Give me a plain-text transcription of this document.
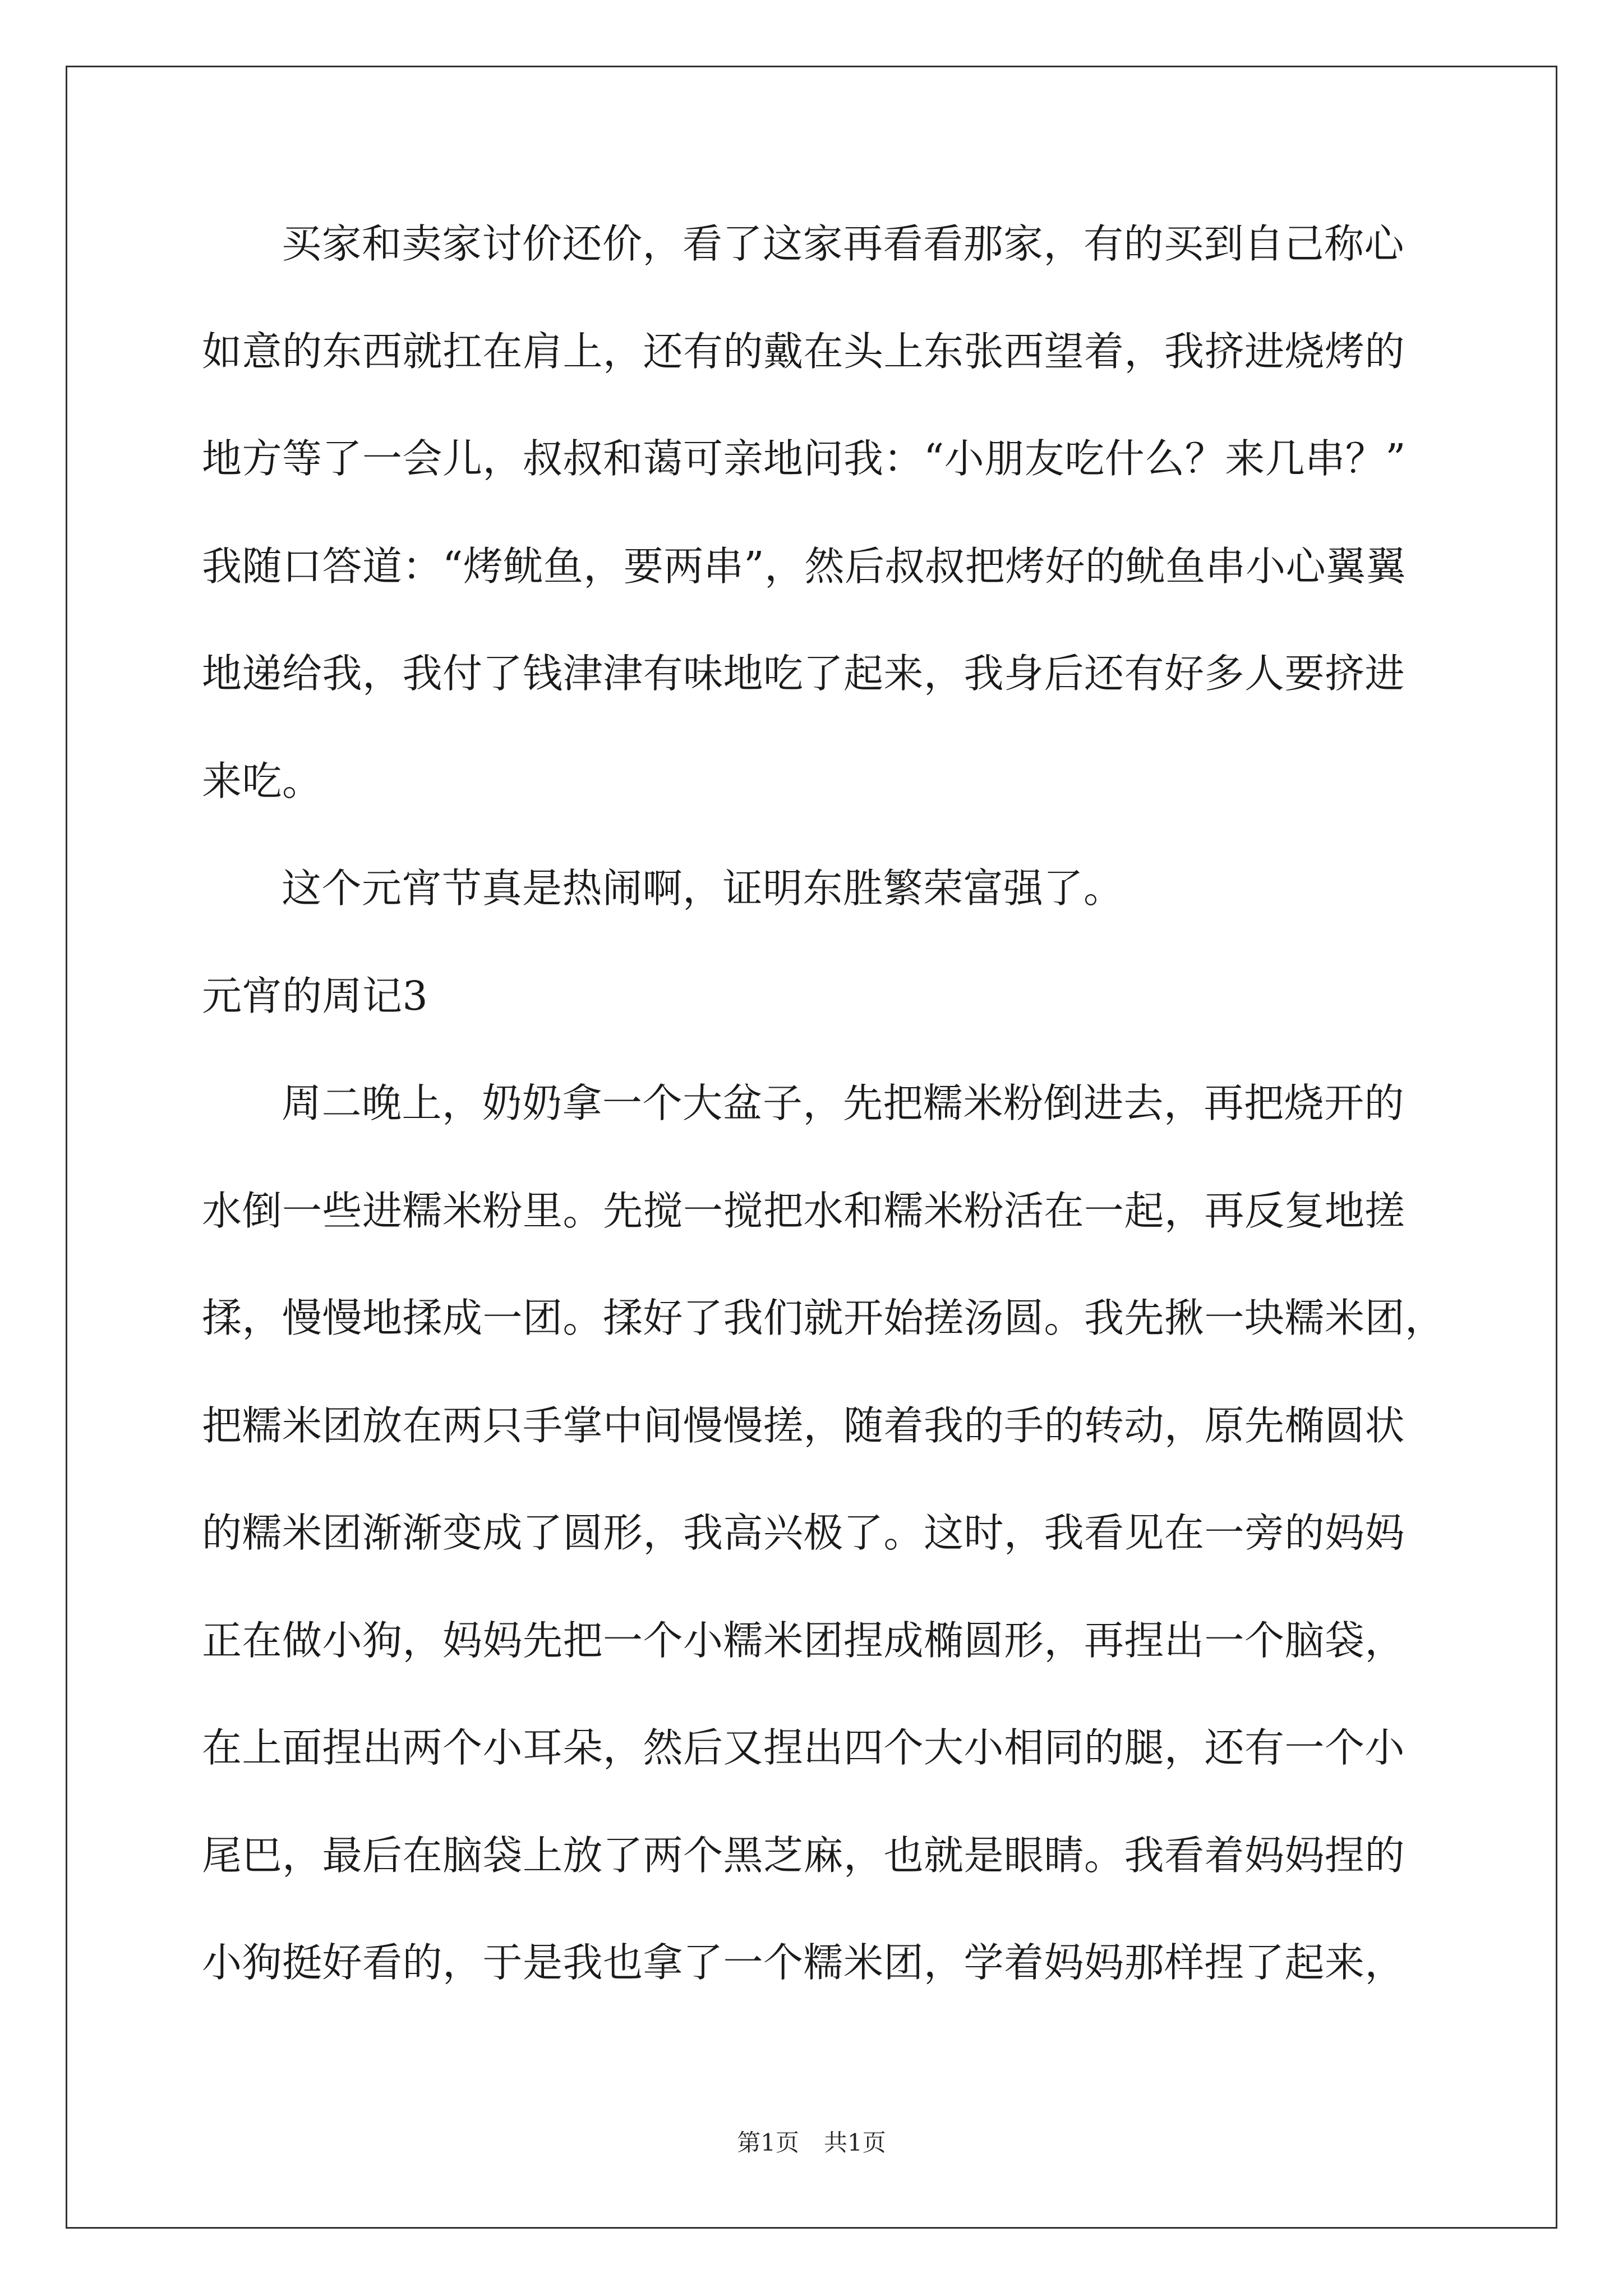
买家和卖家讨价还价，看了这家再看看那家，有的买到自己称心
如意的东西就扛在肩上，还有的戴在头上东张西望着，我挤进烧烤的
地方等了一会儿，叔叔和蔼可亲地问我：“小朋友吃什么？来几串？”
我随口答道：“烤鱿鱼，要两串”，然后叔叔把烤好的鱿鱼串小心翼翼
地递给我，我付了钱津津有味地吃了起来，我身后还有好多人要挤进
来吃。
这个元宵节真是热闹啊，证明东胜繁荣富强了。
元宵的周记3
周二晚上，奶奶拿一个大盆子，先把糯米粉倒进去，再把烧开的
水倒一些进糯米粉里。先搅一搅把水和糯米粉活在一起，再反复地搓
揉，慢慢地揉成一团。揉好了我们就开始搓汤圆。我先揪一块糯米团，
把糯米团放在两只手掌中间慢慢搓，随着我的手的转动，原先椭圆状
的糯米团渐渐变成了圆形，我高兴极了。这时，我看见在一旁的妈妈
正在做小狗，妈妈先把一个小糯米团捏成椭圆形，再捏出一个脑袋，
在上面捏出两个小耳朵，然后又捏出四个大小相同的腿，还有一个小
尾巴，最后在脑袋上放了两个黑芝麻，也就是眼睛。我看着妈妈捏的
小狗挺好看的，于是我也拿了一个糯米团，学着妈妈那样捏了起来，
第1页 共1页
